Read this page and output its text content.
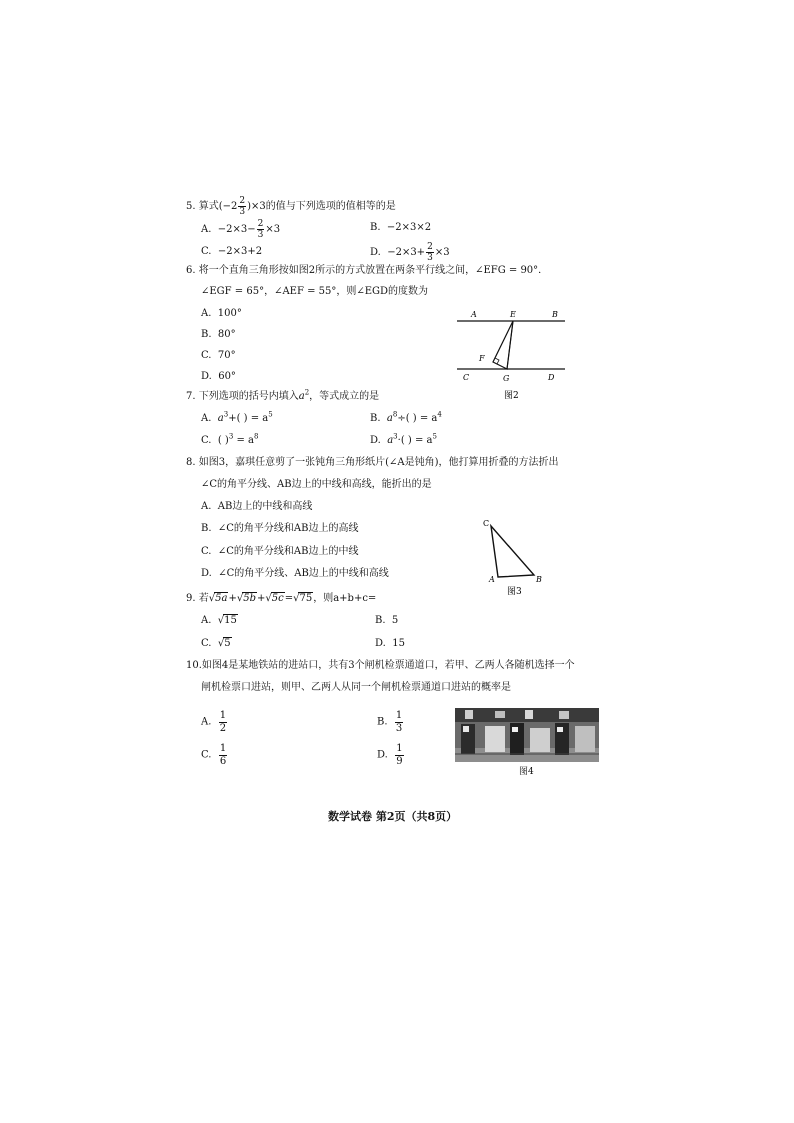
5. 算式$(-2 \frac{2}{3} )\times 3$的值与下列选项的值相等的是
A. $-2\times 3- \frac{2}{3} \times 3$	B. −2×3×2
C. −2×3+2	D. $-2\times 3+ \frac{2}{3} \times 3$
6. 将一个直角三角形按如图2所示的方式放置在两条平行线之间，∠EFG = 90°．
∠EGF = 65°，∠AEF = 55°，则∠EGD的度数为
A. 100°
B. 80°
C. 70°
D. 60°
A	E	B
F
C	G	D
图2
7. 下列选项的括号内填入$a^2$，等式成立的是
A. $a^3+$( ) = $a^5$	B. $a^8\div$( ) = $a^4$
C. ( )$^3 = a^8$	D. $a^3\cdot$( ) = $a^5$
8. 如图3，嘉琪任意剪了一张钝角三角形纸片(∠A是钝角)，他打算用折叠的方法折出
∠C的角平分线、AB边上的中线和高线，能折出的是
A. AB边上的中线和高线
B. ∠C的角平分线和AB边上的高线
C. ∠C的角平分线和AB边上的中线
D. ∠C的角平分线、AB边上的中线和高线
C
A	B
图3
9. 若√5a+√5b+√5c=√75，则a+b+c=
A.  √15	B. 5
C.  √5	D. 15
10.如图4是某地铁站的进站口，共有3个闸机检票通道口，若甲、乙两人各随机选择一个
闸机检票口进站，则甲、乙两人从同一个闸机检票通道口进站的概率是
A. $\frac{1}{2}$	B. $\frac{1}{3}$
C. $\frac{1}{6}$	D. $\frac{1}{9}$
图4
数学试卷 第2页（共8页）
